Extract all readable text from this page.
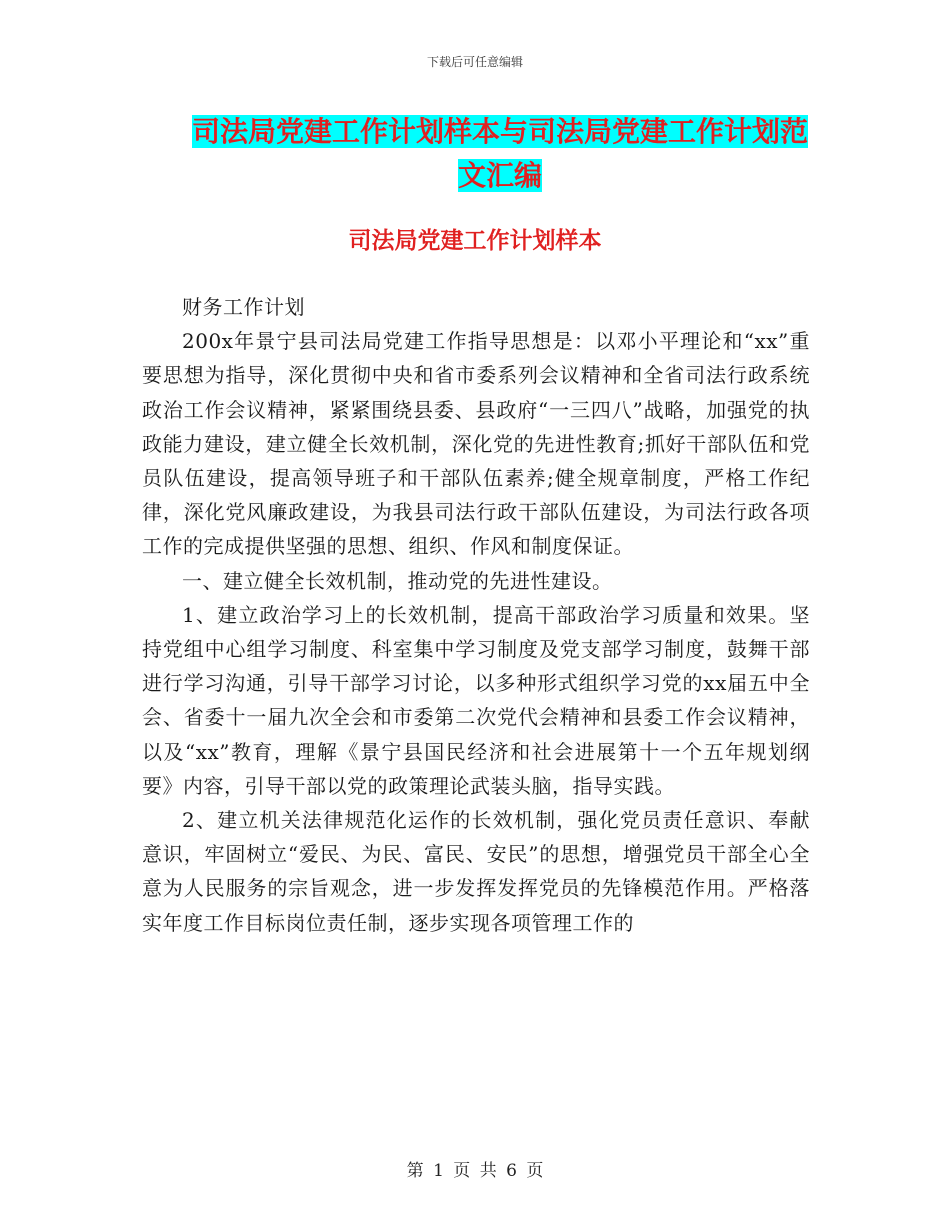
下载后可任意编辑
司法局党建工作计划样本与司法局党建工作计划范文汇编
司法局党建工作计划样本

财务工作计划

200x年景宁县司法局党建工作指导思想是：以邓小平理论和“xx”重要思想为指导，深化贯彻中央和省市委系列会议精神和全省司法行政系统政治工作会议精神，紧紧围绕县委、县政府“一三四八”战略，加强党的执政能力建设，建立健全长效机制，深化党的先进性教育;抓好干部队伍和党员队伍建设，提高领导班子和干部队伍素养;健全规章制度，严格工作纪律，深化党风廉政建设，为我县司法行政干部队伍建设，为司法行政各项工作的完成提供坚强的思想、组织、作风和制度保证。

一、建立健全长效机制，推动党的先进性建设。

1、建立政治学习上的长效机制，提高干部政治学习质量和效果。坚持党组中心组学习制度、科室集中学习制度及党支部学习制度，鼓舞干部进行学习沟通，引导干部学习讨论，以多种形式组织学习党的xx届五中全会、省委十一届九次全会和市委第二次党代会精神和县委工作会议精神，以及“xx”教育，理解《景宁县国民经济和社会进展第十一个五年规划纲要》内容，引导干部以党的政策理论武装头脑，指导实践。

2、建立机关法律规范化运作的长效机制，强化党员责任意识、奉献意识，牢固树立“爱民、为民、富民、安民”的思想，增强党员干部全心全意为人民服务的宗旨观念，进一步发挥发挥党员的先锋模范作用。严格落实年度工作目标岗位责任制，逐步实现各项管理工作的

第 1 页 共 6 页
